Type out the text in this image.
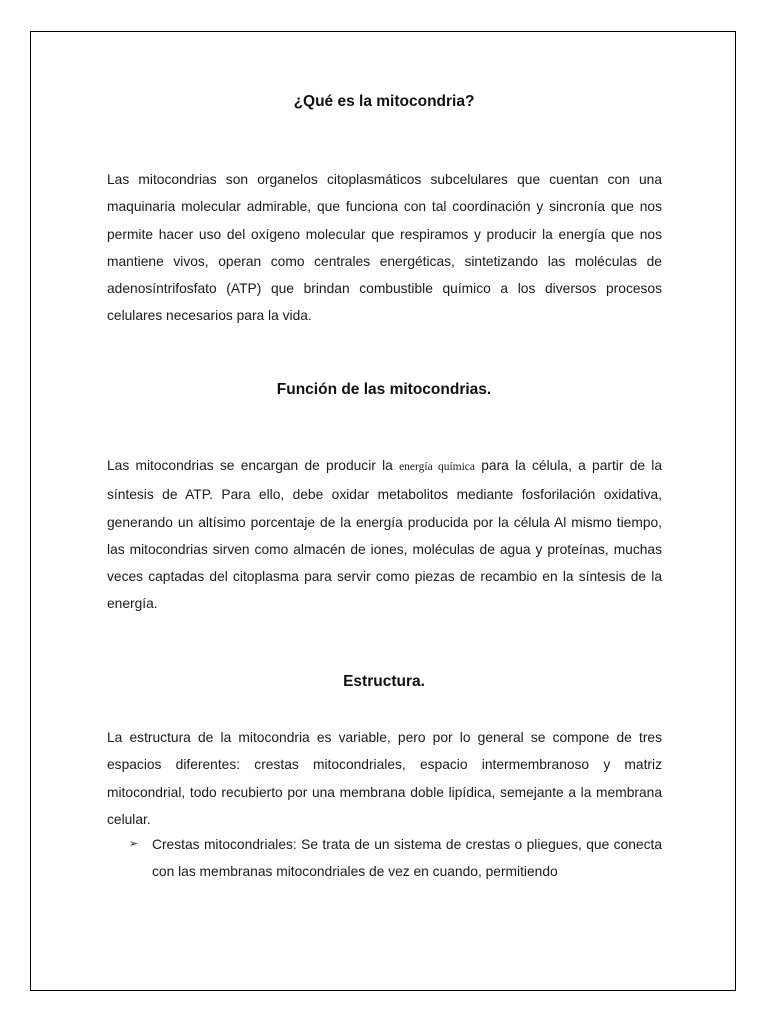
¿Qué es la mitocondria?

Las mitocondrias son organelos citoplasmáticos subcelulares que cuentan con una maquinaria molecular admirable, que funciona con tal coordinación y sincronía que nos permite hacer uso del oxígeno molecular que respiramos y producir la energía que nos mantiene vivos, operan como centrales energéticas, sintetizando las moléculas de adenosíntrifosfato (ATP) que brindan combustible químico a los diversos procesos celulares necesarios para la vida.

Función de las mitocondrias.

Las mitocondrias se encargan de producir la energía química para la célula, a partir de la síntesis de ATP. Para ello, debe oxidar metabolitos mediante fosforilación oxidativa, generando un altísimo porcentaje de la energía producida por la célula Al mismo tiempo, las mitocondrias sirven como almacén de iones, moléculas de agua y proteínas, muchas veces captadas del citoplasma para servir como piezas de recambio en la síntesis de la energía.

Estructura.

La estructura de la mitocondria es variable, pero por lo general se compone de tres espacios diferentes: crestas mitocondriales, espacio intermembranoso y matriz mitocondrial, todo recubierto por una membrana doble lipídica, semejante a la membrana celular.

➢ Crestas mitocondriales: Se trata de un sistema de crestas o pliegues, que conecta con las membranas mitocondriales de vez en cuando, permitiendo
